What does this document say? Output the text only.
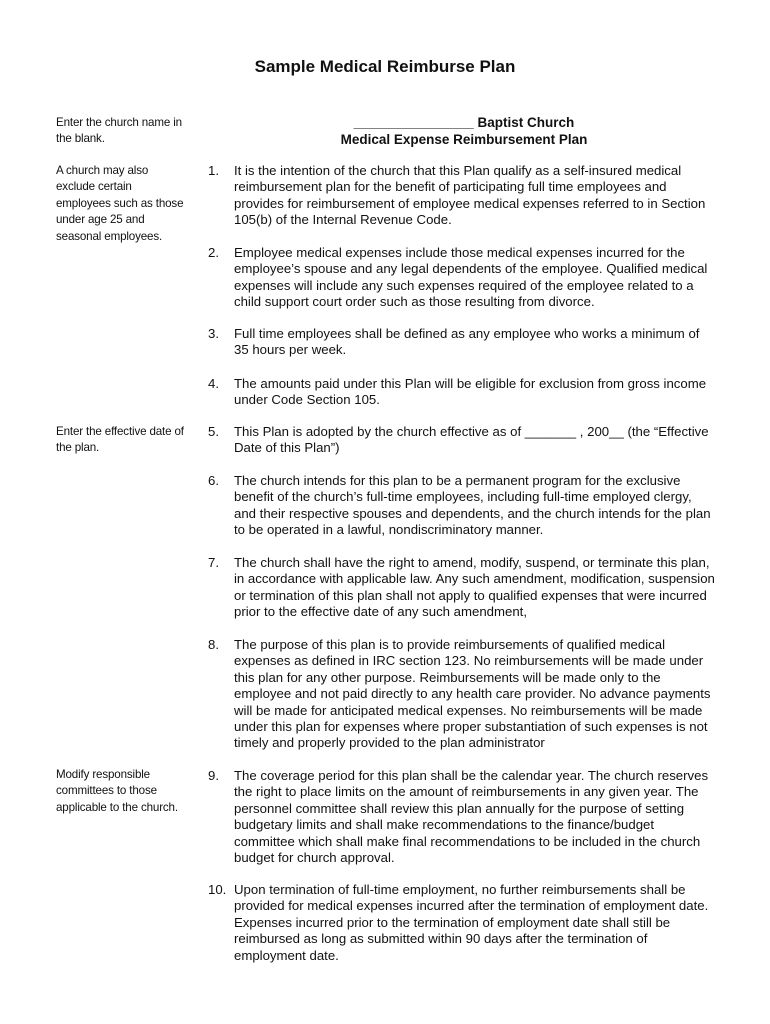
Sample Medical Reimburse Plan
________________ Baptist Church
Medical Expense Reimbursement Plan
Enter the church name in the blank.
A church may also exclude certain employees such as those under age 25 and seasonal employees.
Enter the effective date of the plan.
Modify responsible committees to those applicable to the church.
1.	It is the intention of the church that this Plan qualify as a self-insured medical reimbursement plan for the benefit of participating full time employees and provides for reimbursement of employee medical expenses referred to in Section 105(b) of the Internal Revenue Code.
2.	Employee medical expenses include those medical expenses incurred for the employee’s spouse and any legal dependents of the employee. Qualified medical expenses will include any such expenses required of the employee related to a child support court order such as those resulting from divorce.
3.	Full time employees shall be defined as any employee who works a minimum of 35 hours per week.
4.	The amounts paid under this Plan will be eligible for exclusion from gross income under Code Section 105.
5.	This Plan is adopted by the church effective as of _______ , 200__ (the “Effective Date of this Plan”)
6.	The church intends for this plan to be a permanent program for the exclusive benefit of the church’s full-time employees, including full-time employed clergy, and their respective spouses and dependents, and the church intends for the plan to be operated in a lawful, nondiscriminatory manner.
7.	The church shall have the right to amend, modify, suspend, or terminate this plan, in accordance with applicable law. Any such amendment, modification, suspension or termination of this plan shall not apply to qualified expenses that were incurred prior to the effective date of any such amendment,
8.	The purpose of this plan is to provide reimbursements of qualified medical expenses as defined in IRC section 123. No reimbursements will be made under this plan for any other purpose. Reimbursements will be made only to the employee and not paid directly to any health care provider. No advance payments will be made for anticipated medical expenses. No reimbursements will be made under this plan for expenses where proper substantiation of such expenses is not timely and properly provided to the plan administrator
9.	The coverage period for this plan shall be the calendar year. The church reserves the right to place limits on the amount of reimbursements in any given year. The personnel committee shall review this plan annually for the purpose of setting budgetary limits and shall make recommendations to the finance/budget committee which shall make final recommendations to be included in the church budget for church approval.
10. Upon termination of full-time employment, no further reimbursements shall be provided for medical expenses incurred after the termination of employment date. Expenses incurred prior to the termination of employment date shall still be reimbursed as long as submitted within 90 days after the termination of employment date.
